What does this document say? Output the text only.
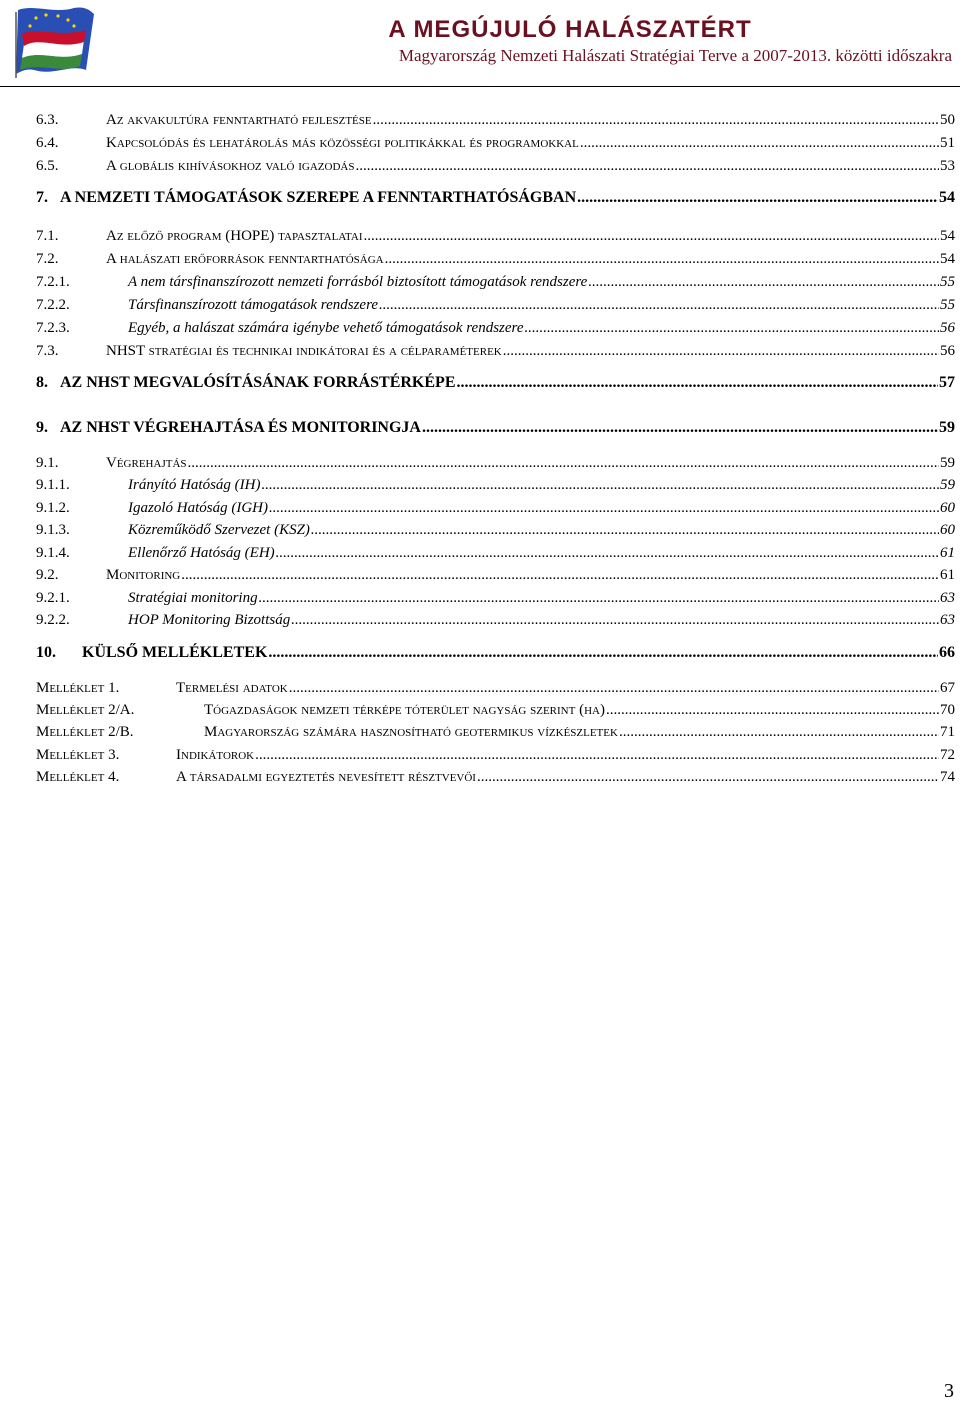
A MEGÚJULÓ HALÁSZATÉRT
Magyarország Nemzeti Halászati Stratégiai Terve a 2007-2013. közötti időszakra
6.3.	Az akvakultúra fenntartható fejlesztése .....	50
6.4.	Kapcsolódás és lehatárolás más közösségi politikákkal és programokkal .....	51
6.5.	A globális kihívásokhoz való igazodás .....	53
7. A NEMZETI TÁMOGATÁSOK SZEREPE A FENNTARTHATÓSÁGBAN .....	54
7.1.	Az előző program (HOPE) tapasztalatai .....	54
7.2.	A halászati erőforrások fenntarthatósága .....	54
7.2.1.	A nem társfinanszírozott nemzeti forrásból biztosított támogatások rendszere .....	55
7.2.2.	Társfinanszírozott támogatások rendszere .....	55
7.2.3.	Egyéb, a halászat számára igénybe vehető támogatások rendszere .....	56
7.3.	NHST stratégiai és technikai indikátorai és a célparaméterek .....	56
8. AZ NHST MEGVALÓSÍTÁSÁNAK FORRÁSTÉRKÉPE .....	57
9. AZ NHST VÉGREHAJTÁSA ÉS MONITORINGJA .....	59
9.1.	Végrehajtás .....	59
9.1.1.	Irányító Hatóság (IH) .....	59
9.1.2.	Igazoló Hatóság (IGH) .....	60
9.1.3.	Közreműködő Szervezet (KSZ) .....	60
9.1.4.	Ellenőrző Hatóság (EH) .....	61
9.2.	Monitoring .....	61
9.2.1.	Stratégiai monitoring .....	63
9.2.2.	HOP Monitoring Bizottság .....	63
10.	KÜLSŐ MELLÉKLETEK .....	66
Melléklet 1.	Termelési adatok .....	67
Melléklet 2/A.	Tógazdaságok nemzeti térképe tóterület nagyság szerint (ha) .....	70
Melléklet 2/B.	Magyarország számára hasznosítható geotermikus vízkészletek .....	71
Melléklet 3.	Indikátorok .....	72
Melléklet 4.	A társadalmi egyeztetés nevesített résztvevői .....	74
3
